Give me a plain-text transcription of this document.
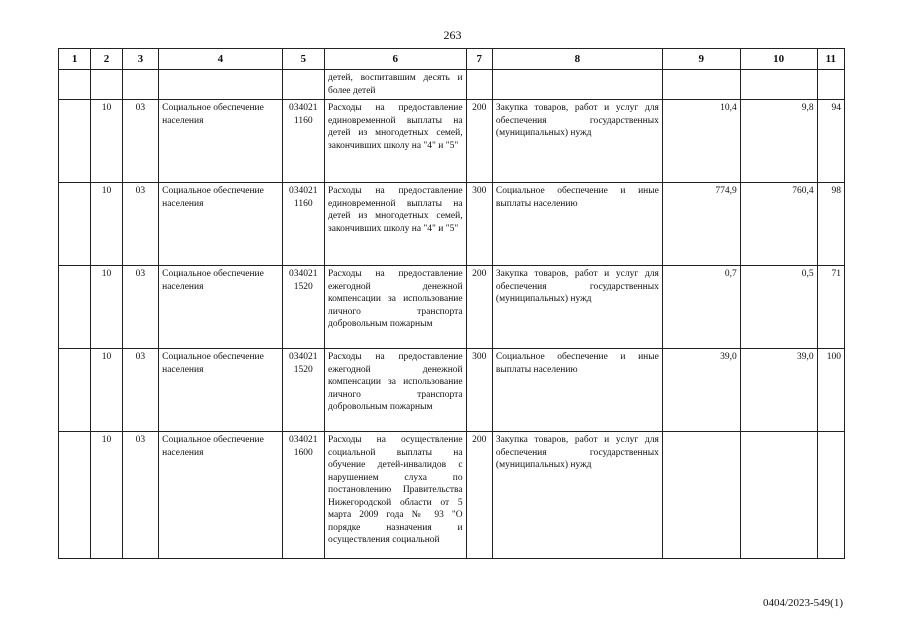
263
1	2	3	4	5	6	7	8	9	10	11
					детей, воспитавшим десять и более детей					
	10	03	Социальное обеспечение населения	034021 1160	Расходы на предоставление единовременной выплаты на детей из многодетных семей, закончивших школу на "4" и "5"	200	Закупка товаров, работ и услуг для обеспечения государственных (муниципальных) нужд	10,4	9,8	94
	10	03	Социальное обеспечение населения	034021 1160	Расходы на предоставление единовременной выплаты на детей из многодетных семей, закончивших школу на "4" и "5"	300	Социальное обеспечение и иные выплаты населению	774,9	760,4	98
	10	03	Социальное обеспечение населения	034021 1520	Расходы на предоставление ежегодной денежной компенсации за использование личного транспорта добровольным пожарным	200	Закупка товаров, работ и услуг для обеспечения государственных (муниципальных) нужд	0,7	0,5	71
	10	03	Социальное обеспечение населения	034021 1520	Расходы на предоставление ежегодной денежной компенсации за использование личного транспорта добровольным пожарным	300	Социальное обеспечение и иные выплаты населению	39,0	39,0	100
	10	03	Социальное обеспечение населения	034021 1600	Расходы на осуществление социальной выплаты на обучение детей-инвалидов с нарушением слуха по постановлению Правительства Нижегородской области от 5 марта 2009 года № 93 "О порядке назначения и осуществления социальной	200	Закупка товаров, работ и услуг для обеспечения государственных (муниципальных) нужд			
0404/2023-549(1)
